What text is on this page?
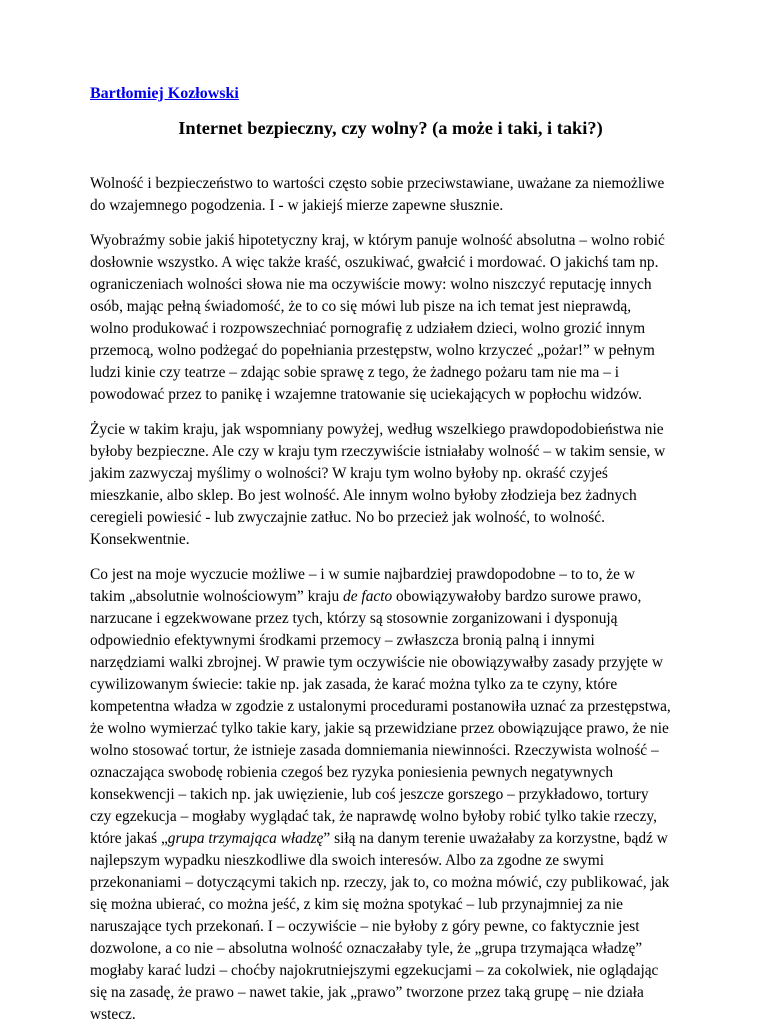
Bartłomiej Kozłowski
Internet bezpieczny, czy wolny? (a może i taki, i taki?)

Wolność i bezpieczeństwo to wartości często sobie przeciwstawiane, uważane za niemożliwe
do wzajemnego pogodzenia. I - w jakiejś mierze zapewne słusznie.

Wyobraźmy sobie jakiś hipotetyczny kraj, w którym panuje wolność absolutna – wolno robić
dosłownie wszystko. A więc także kraść, oszukiwać, gwałcić i mordować. O jakichś tam np.
ograniczeniach wolności słowa nie ma oczywiście mowy: wolno niszczyć reputację innych
osób, mając pełną świadomość, że to co się mówi lub pisze na ich temat jest nieprawdą,
wolno produkować i rozpowszechniać pornografię z udziałem dzieci, wolno grozić innym
przemocą, wolno podżegać do popełniania przestępstw, wolno krzyczeć „pożar!” w pełnym
ludzi kinie czy teatrze – zdając sobie sprawę z tego, że żadnego pożaru tam nie ma – i
powodować przez to panikę i wzajemne tratowanie się uciekających w popłochu widzów.

Życie w takim kraju, jak wspomniany powyżej, według wszelkiego prawdopodobieństwa nie
byłoby bezpieczne. Ale czy w kraju tym rzeczywiście istniałaby wolność – w takim sensie, w
jakim zazwyczaj myślimy o wolności? W kraju tym wolno byłoby np. okraść czyjeś
mieszkanie, albo sklep. Bo jest wolność. Ale innym wolno byłoby złodzieja bez żadnych
ceregieli powiesić - lub zwyczajnie zatłuc. No bo przecież jak wolność, to wolność.
Konsekwentnie.

Co jest na moje wyczucie możliwe – i w sumie najbardziej prawdopodobne – to to, że w
takim „absolutnie wolnościowym” kraju de facto obowiązywałoby bardzo surowe prawo,
narzucane i egzekwowane przez tych, którzy są stosownie zorganizowani i dysponują
odpowiednio efektywnymi środkami przemocy – zwłaszcza bronią palną i innymi
narzędziami walki zbrojnej. W prawie tym oczywiście nie obowiązywałby zasady przyjęte w
cywilizowanym świecie: takie np. jak zasada, że karać można tylko za te czyny, które
kompetentna władza w zgodzie z ustalonymi procedurami postanowiła uznać za przestępstwa,
że wolno wymierzać tylko takie kary, jakie są przewidziane przez obowiązujące prawo, że nie
wolno stosować tortur, że istnieje zasada domniemania niewinności. Rzeczywista wolność –
oznaczająca swobodę robienia czegoś bez ryzyka poniesienia pewnych negatywnych
konsekwencji – takich np. jak uwięzienie, lub coś jeszcze gorszego – przykładowo, tortury
czy egzekucja – mogłaby wyglądać tak, że naprawdę wolno byłoby robić tylko takie rzeczy,
które jakaś „grupa trzymająca władzę” siłą na danym terenie uważałaby za korzystne, bądź w
najlepszym wypadku nieszkodliwe dla swoich interesów. Albo za zgodne ze swymi
przekonaniami – dotyczącymi takich np. rzeczy, jak to, co można mówić, czy publikować, jak
się można ubierać, co można jeść, z kim się można spotykać – lub przynajmniej za nie
naruszające tych przekonań. I – oczywiście – nie byłoby z góry pewne, co faktycznie jest
dozwolone, a co nie – absolutna wolność oznaczałaby tyle, że „grupa trzymająca władzę”
mogłaby karać ludzi – choćby najokrutniejszymi egzekucjami – za cokolwiek, nie oglądając
się na zasadę, że prawo – nawet takie, jak „prawo” tworzone przez taką grupę – nie działa
wstecz.
